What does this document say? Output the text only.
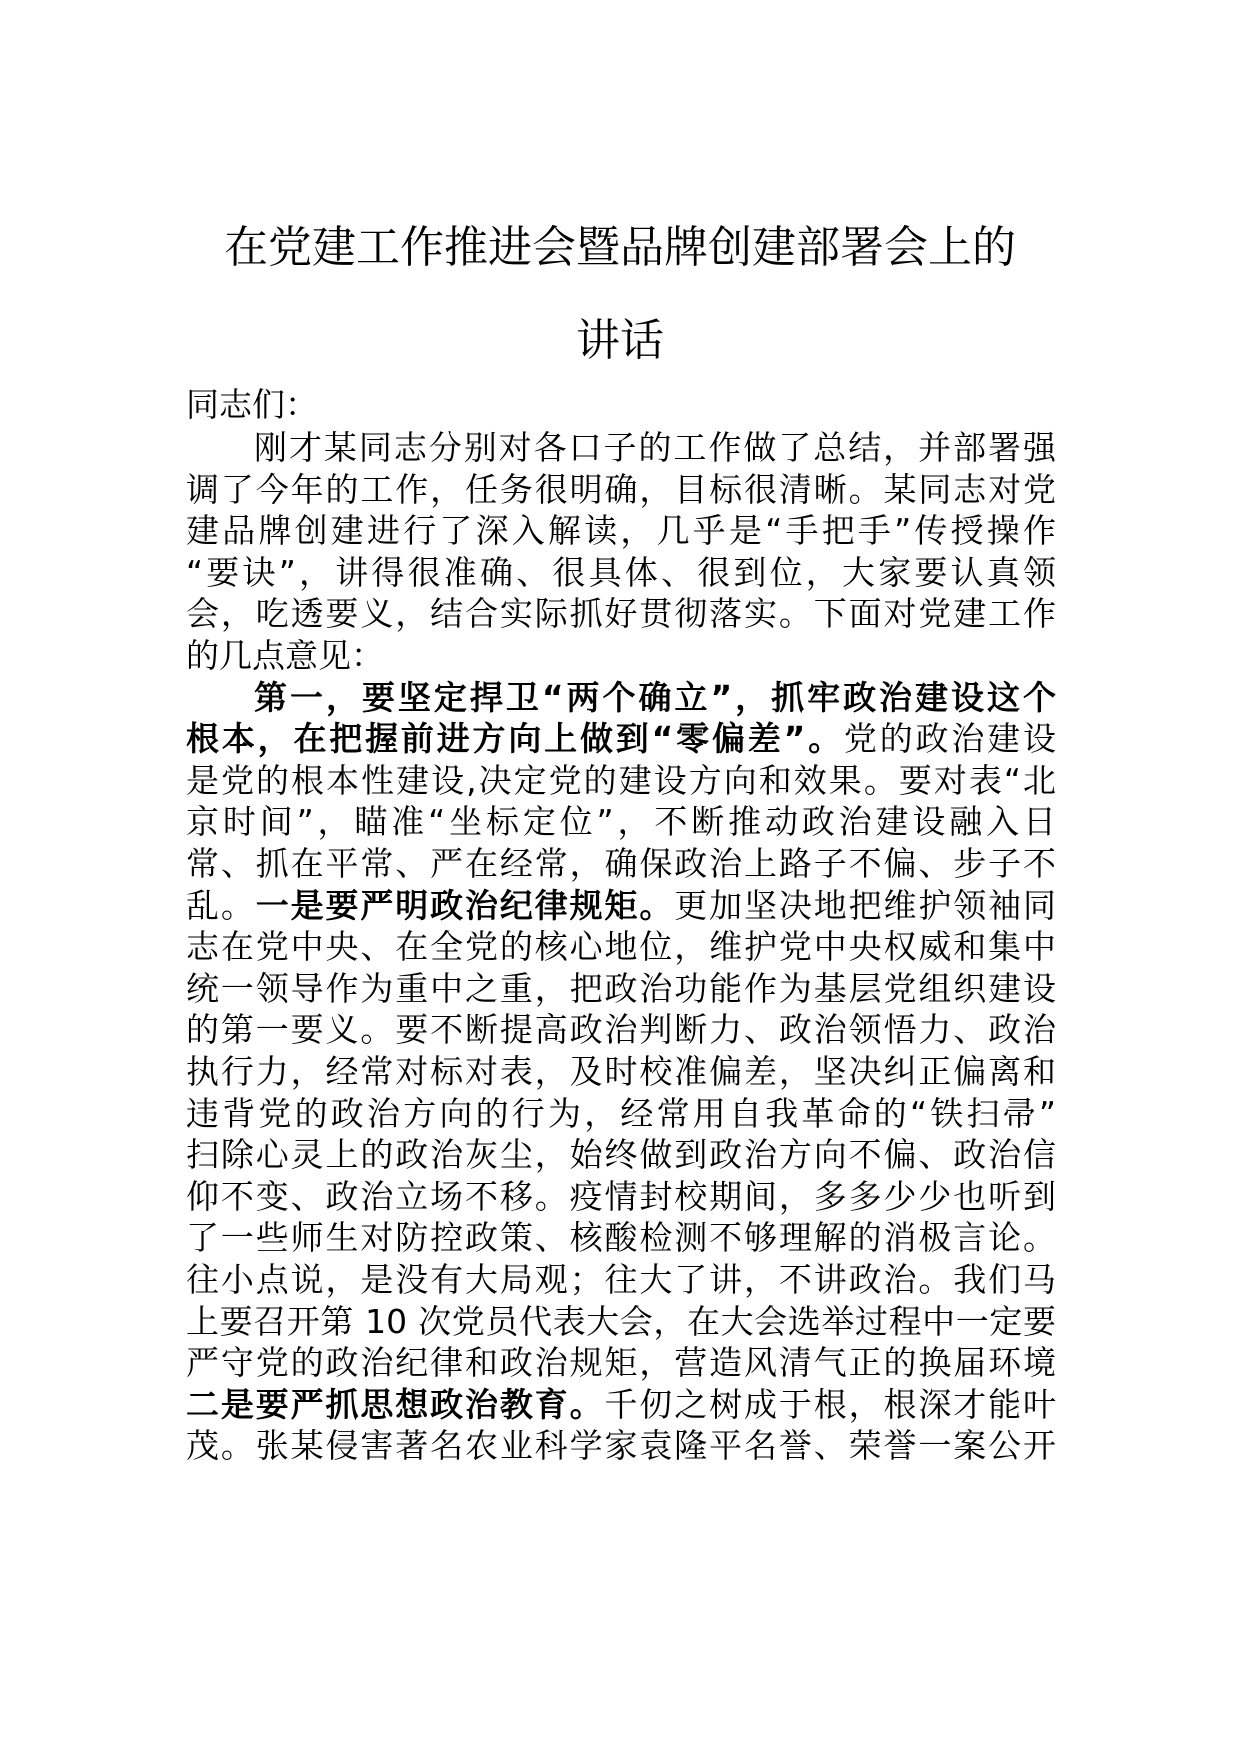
在党建工作推进会暨品牌创建部署会上的
讲话
同志们：
刚才某同志分别对各口子的工作做了总结，并部署强
调了今年的工作，任务很明确，目标很清晰。某同志对党
建品牌创建进行了深入解读，几乎是“手把手”传授操作
“要诀”，讲得很准确、很具体、很到位，大家要认真领
会，吃透要义，结合实际抓好贯彻落实。下面对党建工作
的几点意见：
第一，要坚定捍卫“两个确立”，抓牢政治建设这个
根本，在把握前进方向上做到“零偏差”。党的政治建设
是党的根本性建设,决定党的建设方向和效果。要对表“北
京时间”，瞄准“坐标定位”，不断推动政治建设融入日
常、抓在平常、严在经常，确保政治上路子不偏、步子不
乱。一是要严明政治纪律规矩。更加坚决地把维护领袖同
志在党中央、在全党的核心地位，维护党中央权威和集中
统一领导作为重中之重，把政治功能作为基层党组织建设
的第一要义。要不断提高政治判断力、政治领悟力、政治
执行力，经常对标对表，及时校准偏差，坚决纠正偏离和
违背党的政治方向的行为，经常用自我革命的“铁扫帚”
扫除心灵上的政治灰尘，始终做到政治方向不偏、政治信
仰不变、政治立场不移。疫情封校期间，多多少少也听到
了一些师生对防控政策、核酸检测不够理解的消极言论。
往小点说，是没有大局观；往大了讲，不讲政治。我们马
上要召开第 10 次党员代表大会，在大会选举过程中一定要
严守党的政治纪律和政治规矩，营造风清气正的换届环境
二是要严抓思想政治教育。千仞之树成于根，根深才能叶
茂。张某侵害著名农业科学家袁隆平名誉、荣誉一案公开
